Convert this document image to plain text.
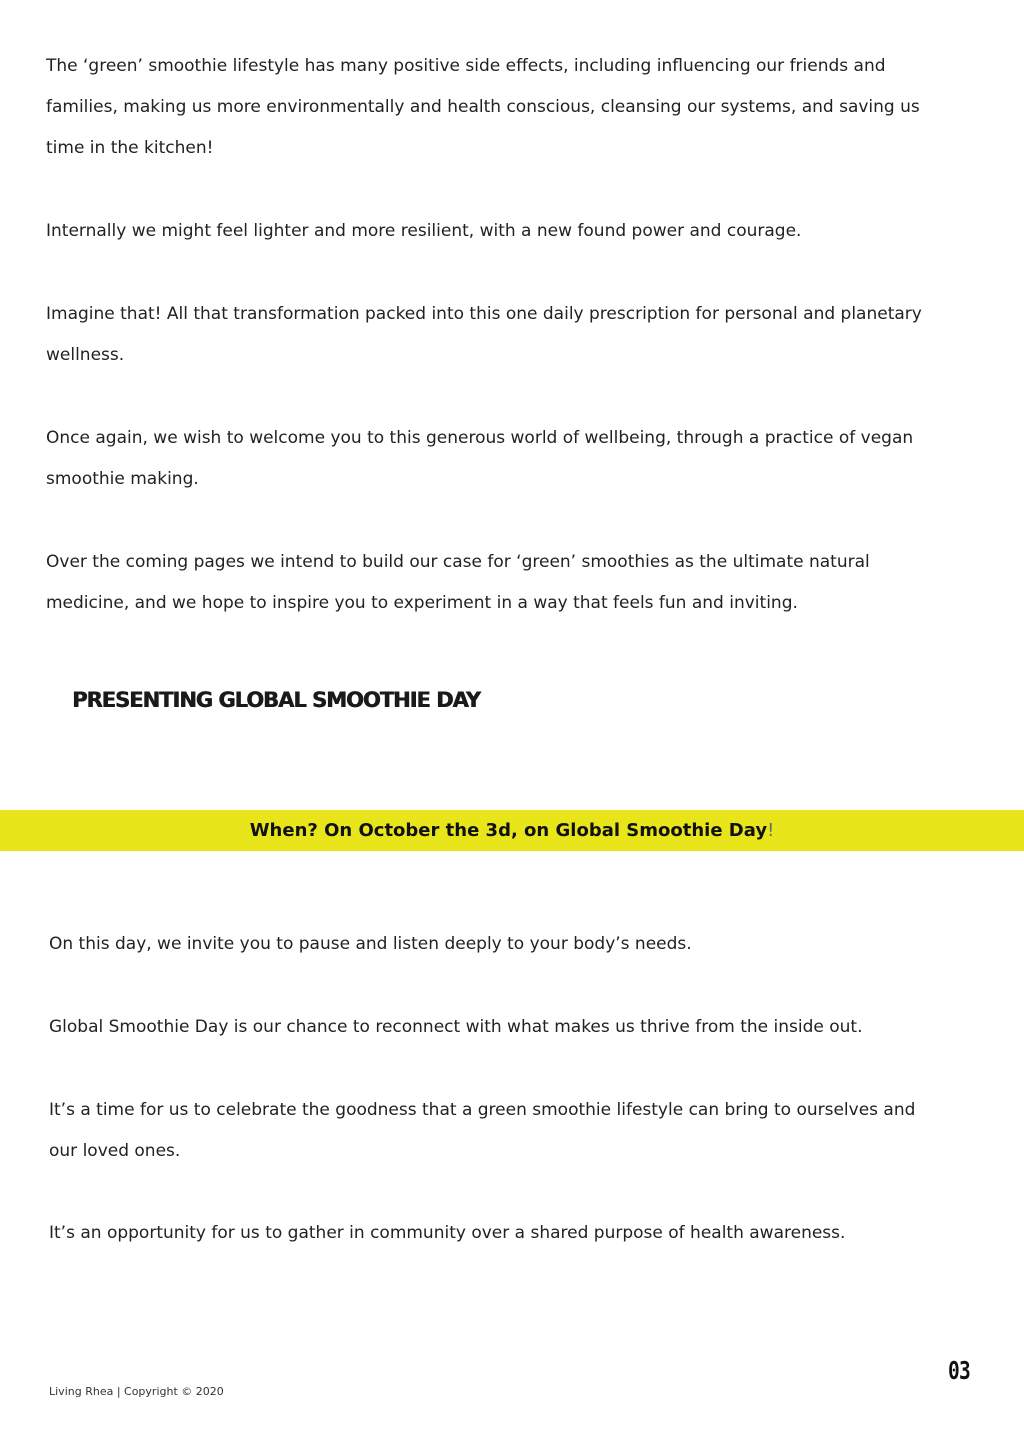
The ‘green’ smoothie lifestyle has many positive side effects, including influencing our friends and families, making us more environmentally and health conscious, cleansing our systems, and saving us time in the kitchen!
Internally we might feel lighter and more resilient, with a new found power and courage.
Imagine that! All that transformation packed into this one daily prescription for personal and planetary wellness.
Once again, we wish to welcome you to this generous world of wellbeing, through a practice of vegan smoothie making.
Over the coming pages we intend to build our case for ‘green’ smoothies as the ultimate natural medicine, and we hope to inspire you to experiment in a way that feels fun and inviting.
PRESENTING GLOBAL SMOOTHIE DAY
When? On October the 3d, on Global Smoothie Day !
On this day, we invite you to pause and listen deeply to your body’s needs.
Global Smoothie Day is our chance to reconnect with what makes us thrive from the inside out.
It’s a time for us to celebrate the goodness that a green smoothie lifestyle can bring to ourselves and our loved ones.
It’s an opportunity for us to gather in community over a shared purpose of health awareness.
Living Rhea | Copyright © 2020
03
